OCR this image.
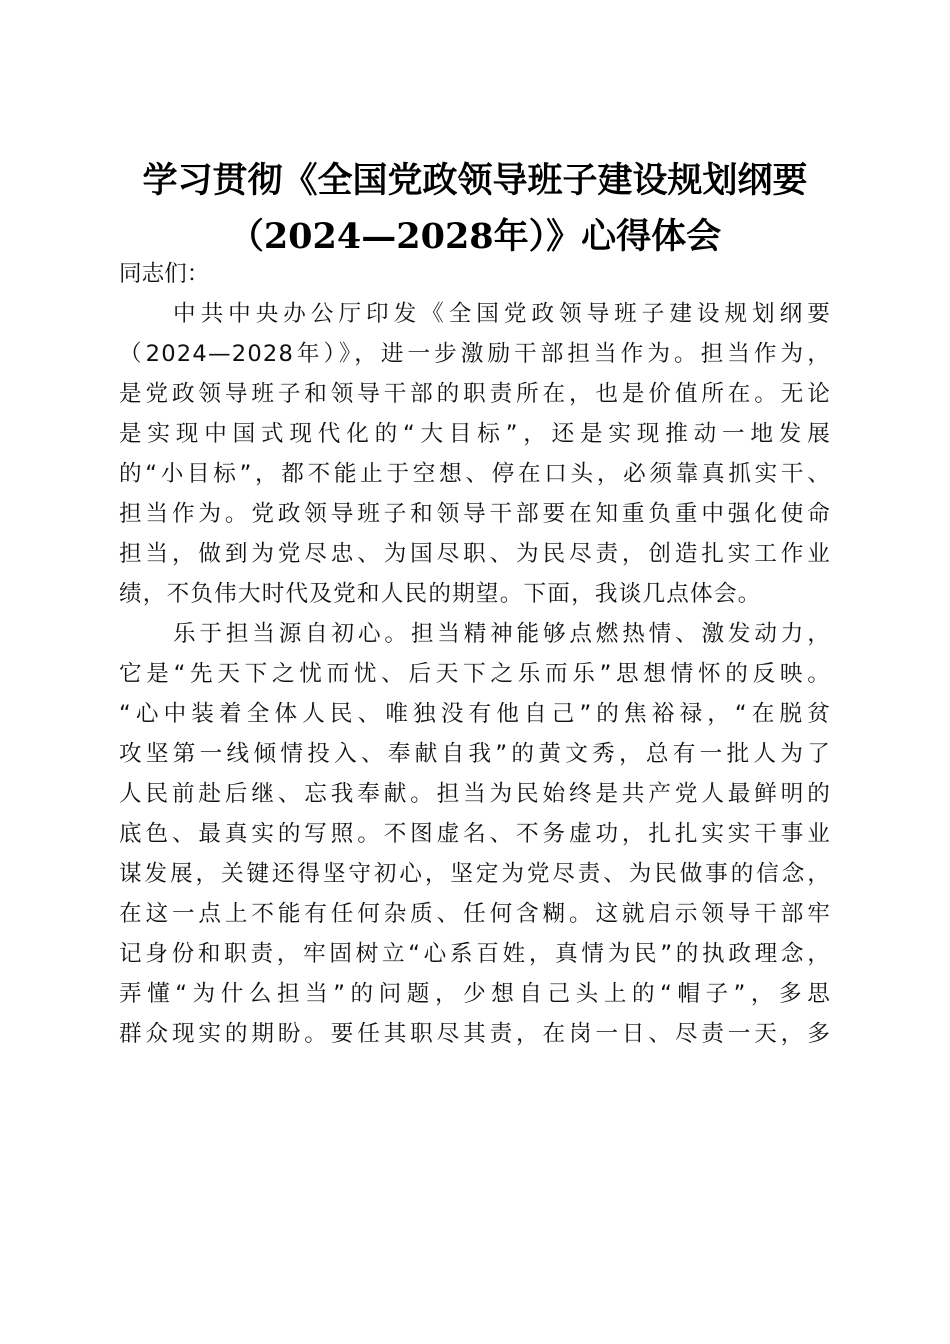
学习贯彻《全国党政领导班子建设规划纲要
（2024—2028年）》心得体会

同志们：

中共中央办公厅印发《全国党政领导班子建设规划纲要
（2024—2028年）》，进一步激励干部担当作为。担当作为，
是党政领导班子和领导干部的职责所在，也是价值所在。无论
是实现中国式现代化的“大目标”，还是实现推动一地发展
的“小目标”，都不能止于空想、停在口头，必须靠真抓实干、
担当作为。党政领导班子和领导干部要在知重负重中强化使命
担当，做到为党尽忠、为国尽职、为民尽责，创造扎实工作业
绩，不负伟大时代及党和人民的期望。下面，我谈几点体会。

乐于担当源自初心。担当精神能够点燃热情、激发动力，
它是“先天下之忧而忧、后天下之乐而乐”思想情怀的反映。
“心中装着全体人民、唯独没有他自己”的焦裕禄，“在脱贫
攻坚第一线倾情投入、奉献自我”的黄文秀，总有一批人为了
人民前赴后继、忘我奉献。担当为民始终是共产党人最鲜明的
底色、最真实的写照。不图虚名、不务虚功，扎扎实实干事业
谋发展，关键还得坚守初心，坚定为党尽责、为民做事的信念，
在这一点上不能有任何杂质、任何含糊。这就启示领导干部牢
记身份和职责，牢固树立“心系百姓，真情为民”的执政理念，
弄懂“为什么担当”的问题，少想自己头上的“帽子”，多思
群众现实的期盼。要任其职尽其责，在岗一日、尽责一天，多
